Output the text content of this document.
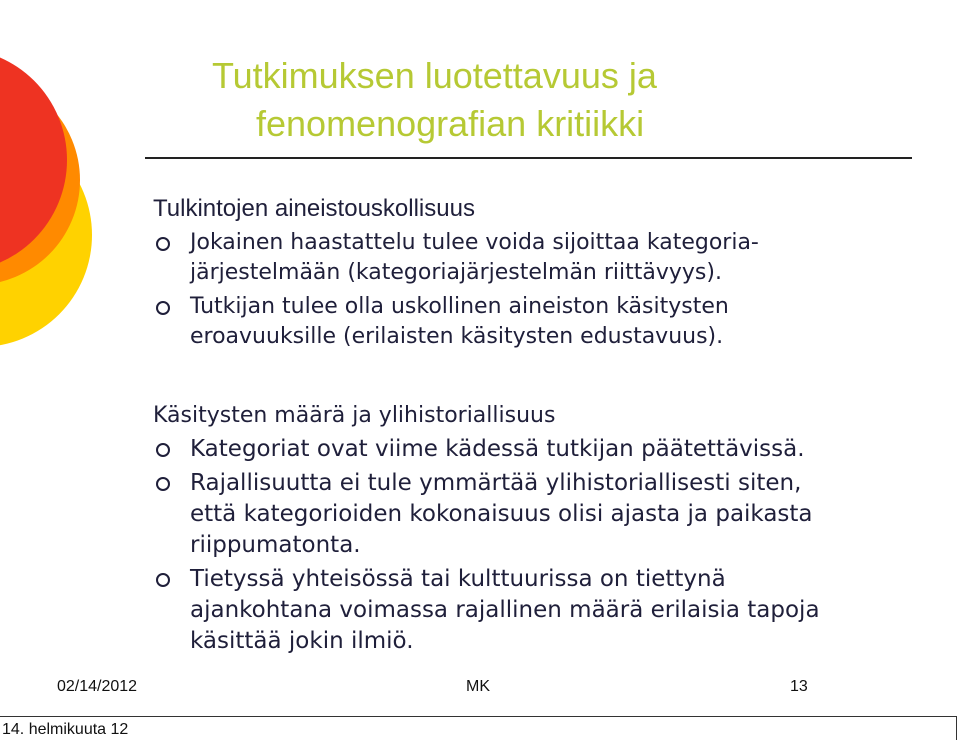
Tutkimuksen luotettavuus ja
fenomenografian kritiikki
Tulkintojen aineistouskollisuus
Jokainen haastattelu tulee voida sijoittaa kategoria-
järjestelmään (kategoriajärjestelmän riittävyys).
Tutkijan tulee olla uskollinen aineiston käsitysten
eroavuuksille (erilaisten käsitysten edustavuus).
Käsitysten määrä ja ylihistoriallisuus
Kategoriat ovat viime kädessä tutkijan päätettävissä.
Rajallisuutta ei tule ymmärtää ylihistoriallisesti siten,
että kategorioiden kokonaisuus olisi ajasta ja paikasta
riippumatonta.
Tietyssä yhteisössä tai kulttuurissa on tiettynä
ajankohtana voimassa rajallinen määrä erilaisia tapoja
käsittää jokin ilmiö.
02/14/2012	MK	13
14. helmikuuta 12
